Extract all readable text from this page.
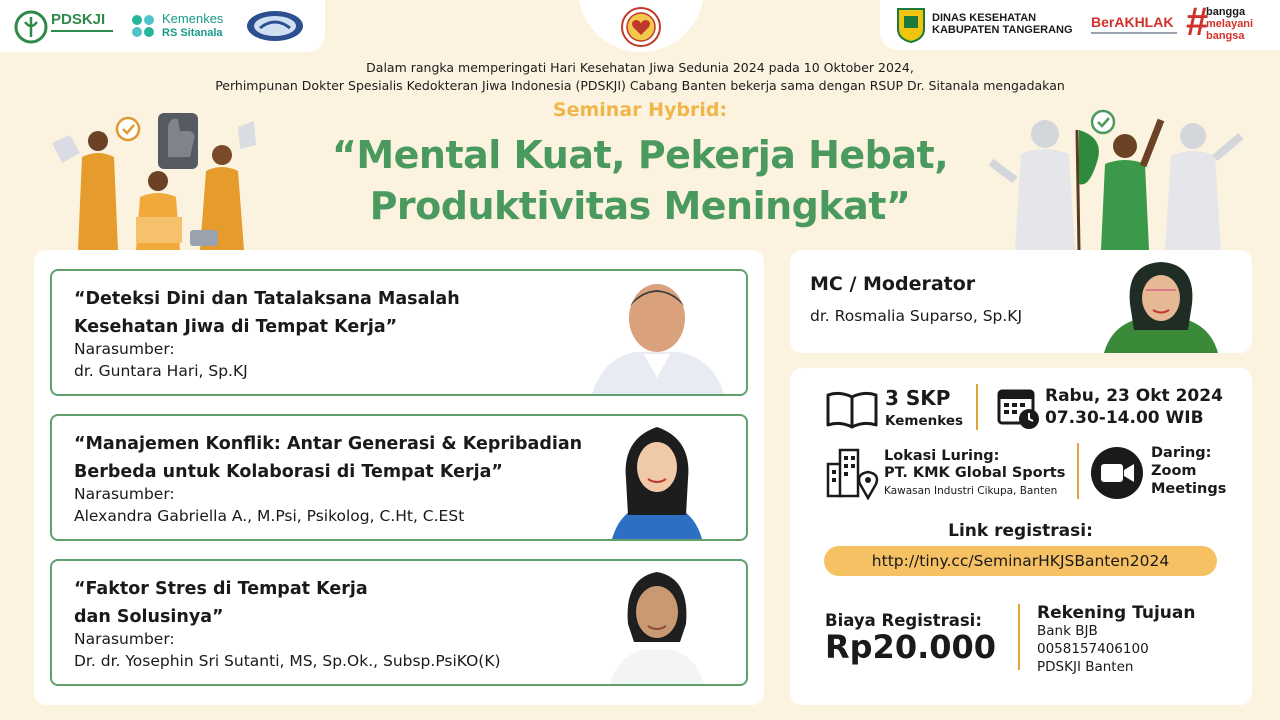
PDSKJI	Kemenkes
RS Sitanala
DINAS KESEHATAN
KABUPATEN TANGERANG BerAKHLAK #
bangga
melayani
bangsa
Dalam rangka memperingati Hari Kesehatan Jiwa Sedunia 2024 pada 10 Oktober 2024,
Perhimpunan Dokter Spesialis Kedokteran Jiwa Indonesia (PDSKJI) Cabang Banten bekerja sama dengan RSUP Dr. Sitanala mengadakan
Seminar Hybrid:
“Mental Kuat, Pekerja Hebat,
Produktivitas Meningkat”
“Deteksi Dini dan Tatalaksana Masalah
Kesehatan Jiwa di Tempat Kerja”
Narasumber:
dr. Guntara Hari, Sp.KJ
“Manajemen Konflik: Antar Generasi & Kepribadian
Berbeda untuk Kolaborasi di Tempat Kerja”
Narasumber:
Alexandra Gabriella A., M.Psi, Psikolog, C.Ht, C.ESt
“Faktor Stres di Tempat Kerja
dan Solusinya”
Narasumber:
Dr. dr. Yosephin Sri Sutanti, MS, Sp.Ok., Subsp.PsiKO(K)
MC / Moderator
dr. Rosmalia Suparso, Sp.KJ
3 SKP
Kemenkes
Rabu, 23 Okt 2024
07.30-14.00 WIB
Lokasi Luring:
PT. KMK Global Sports
Kawasan Industri Cikupa, Banten
Daring:
Zoom
Meetings
Link registrasi:
http://tiny.cc/SeminarHKJSBanten2024
Biaya Registrasi:
Rp20.000
Rekening Tujuan
Bank BJB
0058157406100
PDSKJI Banten
